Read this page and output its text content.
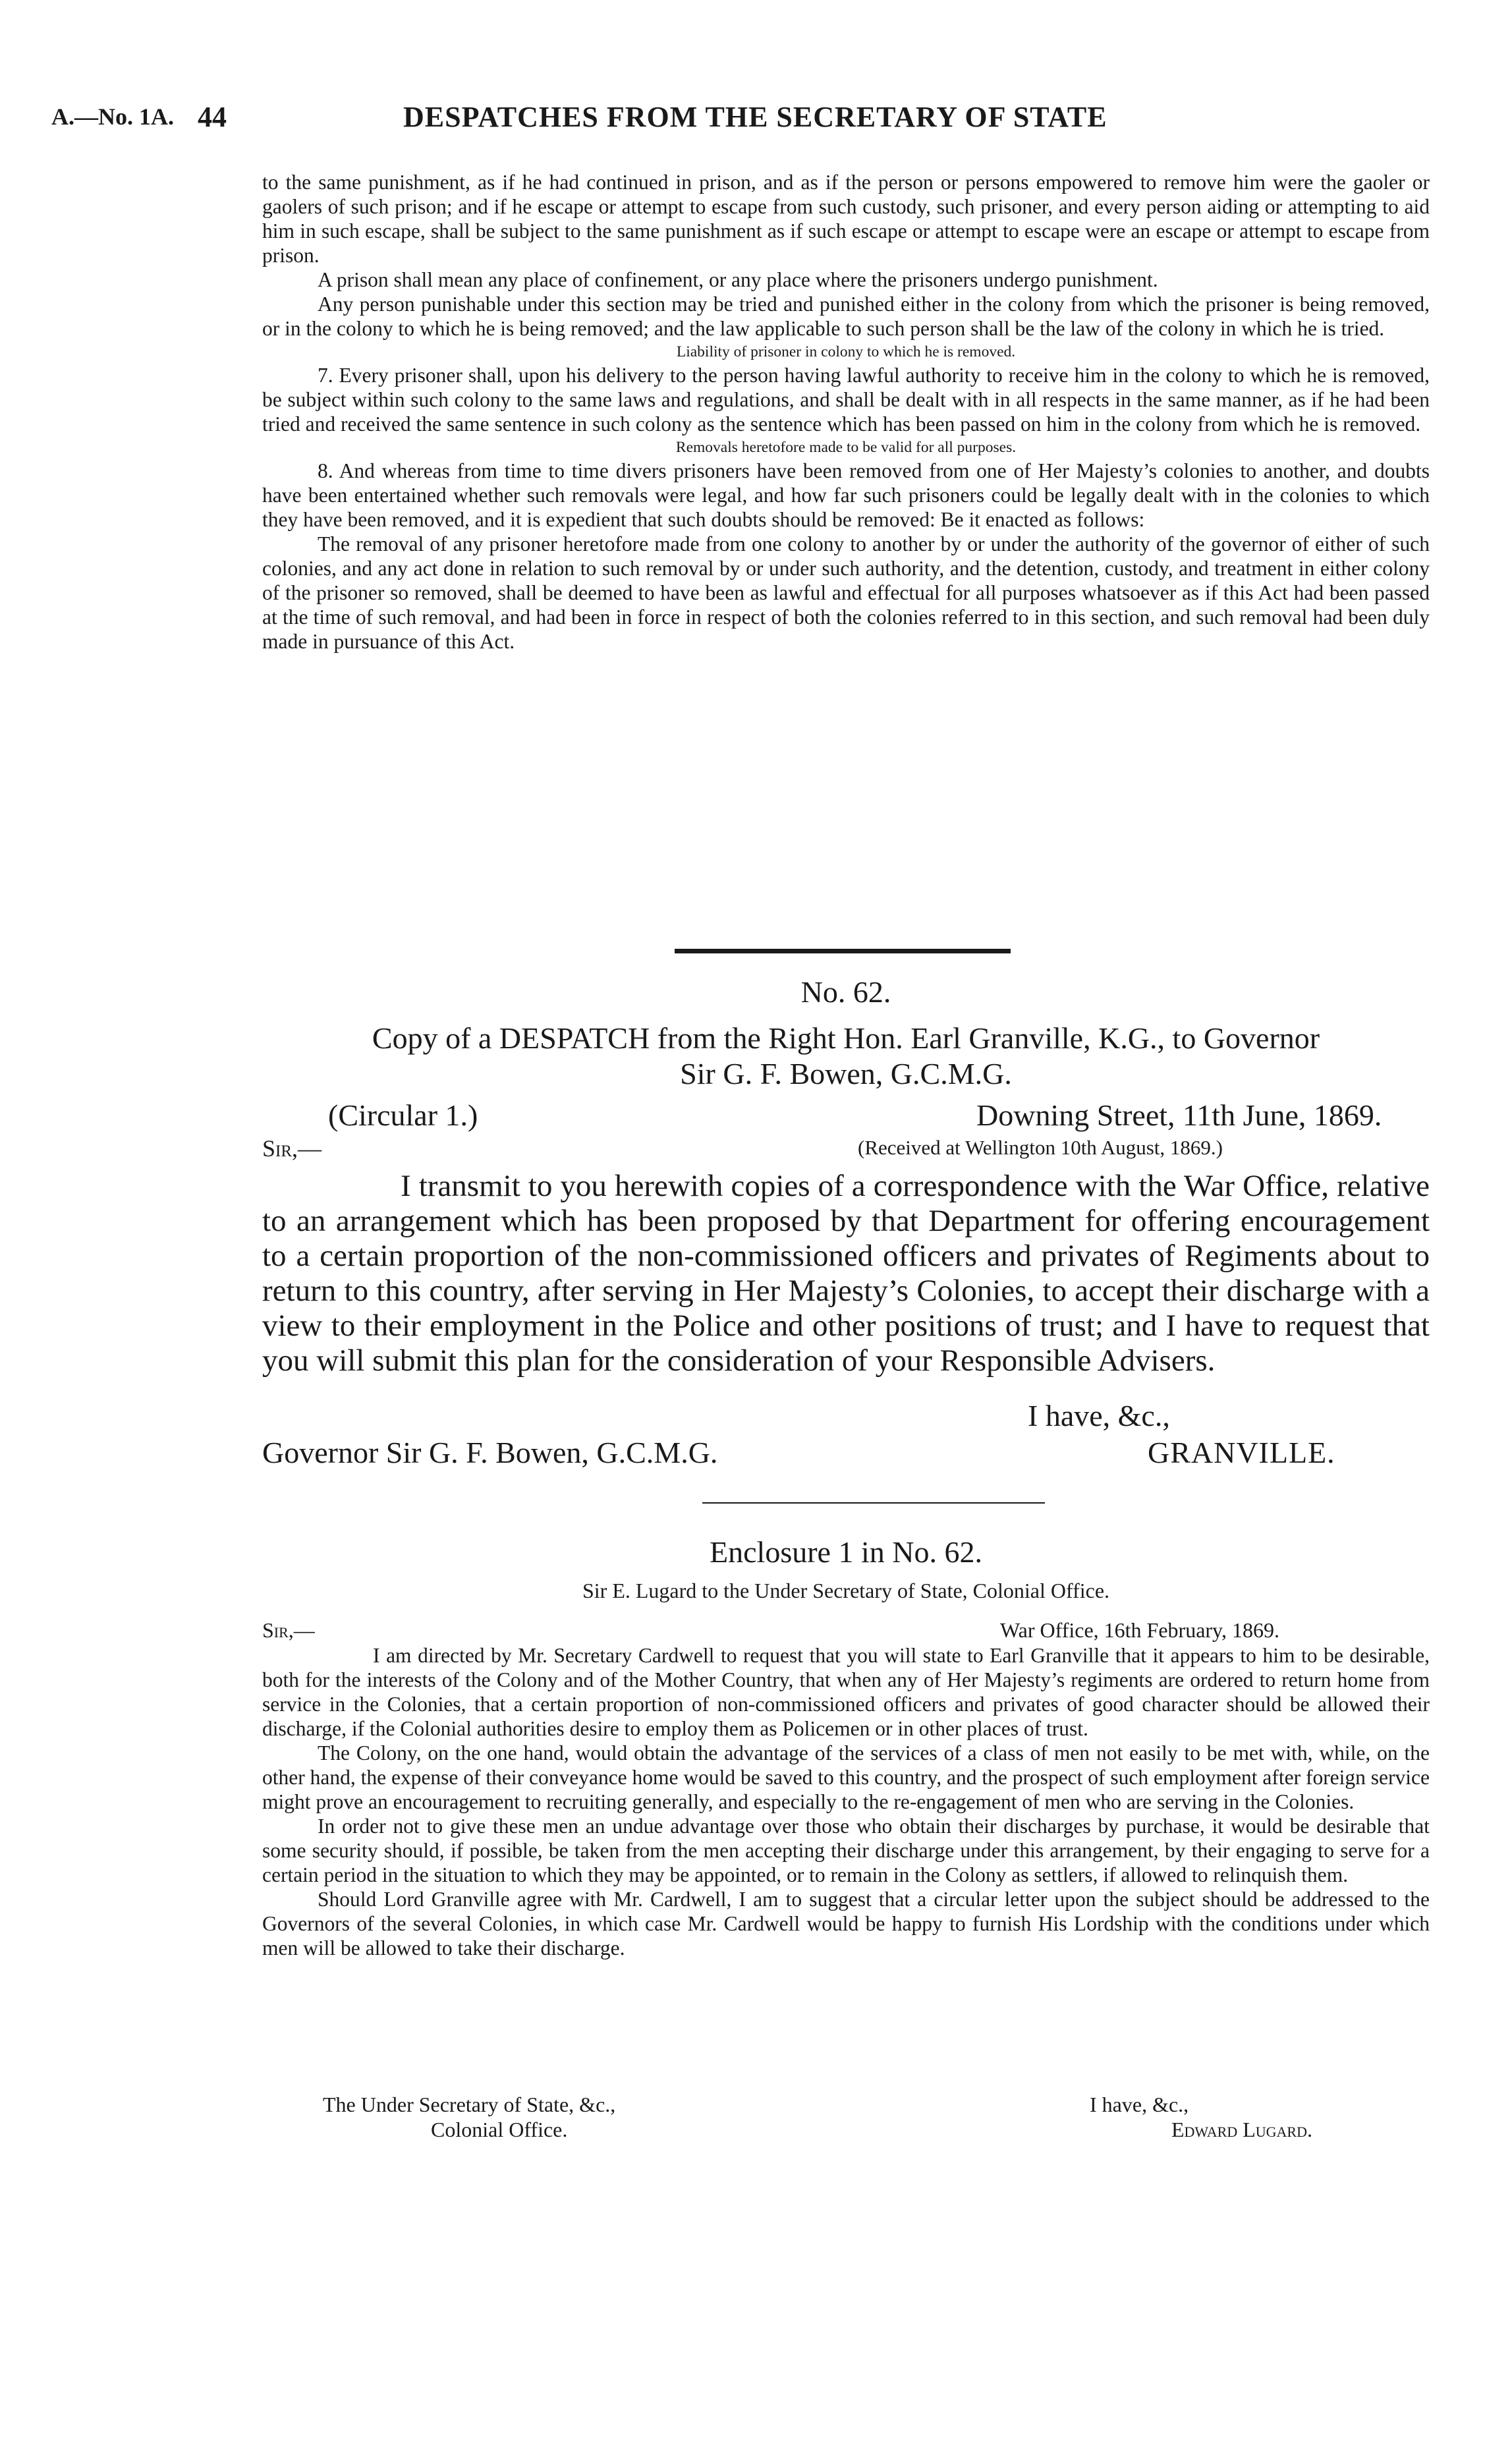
A.—No. 1A. 44	DESPATCHES FROM THE SECRETARY OF STATE

to the same punishment, as if he had continued in prison, and as if the person or persons empowered to remove him were the gaoler or gaolers of such prison; and if he escape or attempt to escape from such custody, such prisoner, and every person aiding or attempting to aid him in such escape, shall be subject to the same punishment as if such escape or attempt to escape were an escape or attempt to escape from prison.

A prison shall mean any place of confinement, or any place where the prisoners undergo punishment.

Any person punishable under this section may be tried and punished either in the colony from which the prisoner is being removed, or in the colony to which he is being removed; and the law applicable to such person shall be the law of the colony in which he is tried.

Liability of prisoner in colony to which he is removed.

7. Every prisoner shall, upon his delivery to the person having lawful authority to receive him in the colony to which he is removed, be subject within such colony to the same laws and regulations, and shall be dealt with in all respects in the same manner, as if he had been tried and received the same sentence in such colony as the sentence which has been passed on him in the colony from which he is removed.

Removals heretofore made to be valid for all purposes.

8. And whereas from time to time divers prisoners have been removed from one of Her Majesty’s colonies to another, and doubts have been entertained whether such removals were legal, and how far such prisoners could be legally dealt with in the colonies to which they have been removed, and it is expedient that such doubts should be removed: Be it enacted as follows:

The removal of any prisoner heretofore made from one colony to another by or under the authority of the governor of either of such colonies, and any act done in relation to such removal by or under such authority, and the detention, custody, and treatment in either colony of the prisoner so removed, shall be deemed to have been as lawful and effectual for all purposes whatsoever as if this Act had been passed at the time of such removal, and had been in force in respect of both the colonies referred to in this section, and such removal had been duly made in pursuance of this Act.

No. 62.
Copy of a DESPATCH from the Right Hon. Earl Granville, K.G., to Governor
Sir G. F. Bowen, G.C.M.G.
(Circular 1.)	Downing Street, 11th June, 1869.
Sir,—	(Received at Wellington 10th August, 1869.)

I transmit to you herewith copies of a correspondence with the War Office, relative to an arrangement which has been proposed by that Department for offering encouragement to a certain proportion of the non-commissioned officers and privates of Regiments about to return to this country, after serving in Her Majesty’s Colonies, to accept their discharge with a view to their employment in the Police and other positions of trust; and I have to request that you will submit this plan for the consideration of your Responsible Advisers.

I have, &c.,
Governor Sir G. F. Bowen, G.C.M.G.	GRANVILLE.
Enclosure 1 in No. 62.
Sir E. Lugard to the Under Secretary of State, Colonial Office.
Sir,—	War Office, 16th February, 1869.

I am directed by Mr. Secretary Cardwell to request that you will state to Earl Granville that it appears to him to be desirable, both for the interests of the Colony and of the Mother Country, that when any of Her Majesty’s regiments are ordered to return home from service in the Colonies, that a certain proportion of non-commissioned officers and privates of good character should be allowed their discharge, if the Colonial authorities desire to employ them as Policemen or in other places of trust.

The Colony, on the one hand, would obtain the advantage of the services of a class of men not easily to be met with, while, on the other hand, the expense of their conveyance home would be saved to this country, and the prospect of such employment after foreign service might prove an encouragement to recruiting generally, and especially to the re-engagement of men who are serving in the Colonies.

In order not to give these men an undue advantage over those who obtain their discharges by purchase, it would be desirable that some security should, if possible, be taken from the men accepting their discharge under this arrangement, by their engaging to serve for a certain period in the situation to which they may be appointed, or to remain in the Colony as settlers, if allowed to relinquish them.

Should Lord Granville agree with Mr. Cardwell, I am to suggest that a circular letter upon the subject should be addressed to the Governors of the several Colonies, in which case Mr. Cardwell would be happy to furnish His Lordship with the conditions under which men will be allowed to take their discharge.

The Under Secretary of State, &c.,
Colonial Office.
I have, &c.,
Edward Lugard.
